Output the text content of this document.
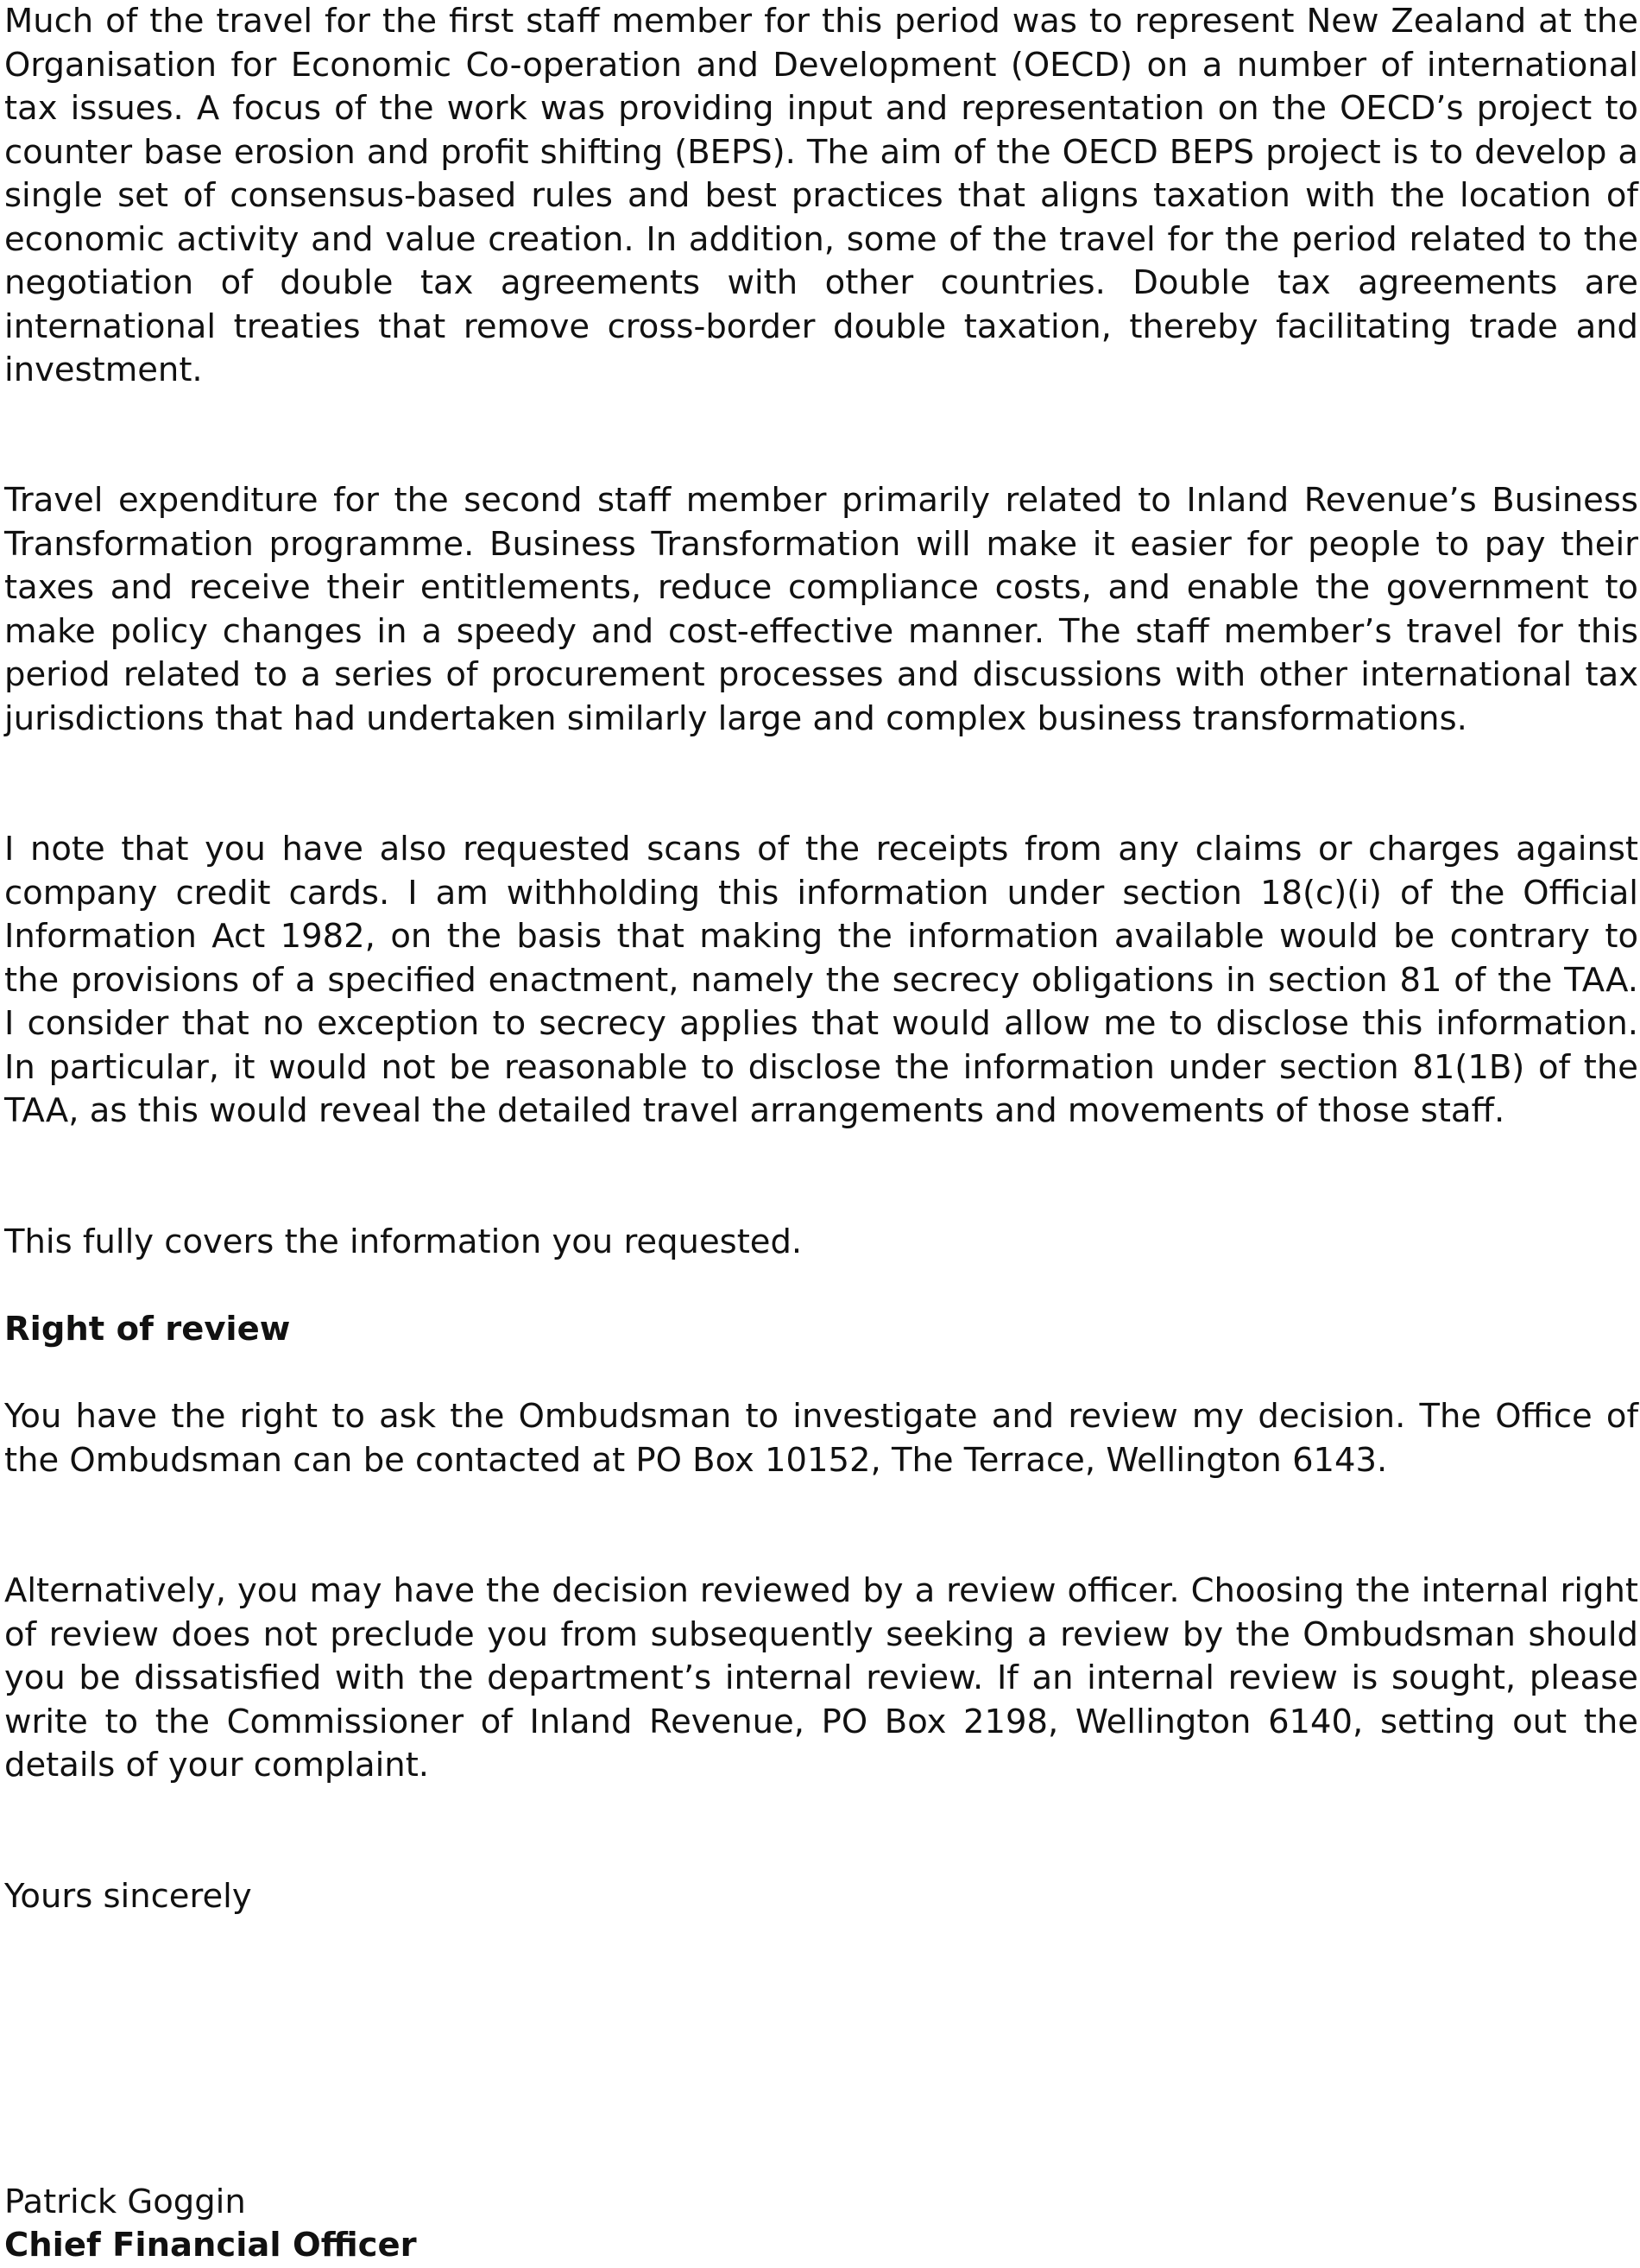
Much of the travel for the first staff member for this period was to represent New Zealand at the Organisation for Economic Co-operation and Development (OECD) on a number of international tax issues. A focus of the work was providing input and representation on the OECD’s project to counter base erosion and profit shifting (BEPS). The aim of the OECD BEPS project is to develop a single set of consensus-based rules and best practices that aligns taxation with the location of economic activity and value creation. In addition, some of the travel for the period related to the negotiation of double tax agreements with other countries. Double tax agreements are international treaties that remove cross-border double taxation, thereby facilitating trade and investment.

Travel expenditure for the second staff member primarily related to Inland Revenue’s Business Transformation programme. Business Transformation will make it easier for people to pay their taxes and receive their entitlements, reduce compliance costs, and enable the government to make policy changes in a speedy and cost-effective manner. The staff member’s travel for this period related to a series of procurement processes and discussions with other international tax jurisdictions that had undertaken similarly large and complex business transformations.

I note that you have also requested scans of the receipts from any claims or charges against company credit cards. I am withholding this information under section 18(c)(i) of the Official Information Act 1982, on the basis that making the information available would be contrary to the provisions of a specified enactment, namely the secrecy obligations in section 81 of the TAA. I consider that no exception to secrecy applies that would allow me to disclose this information. In particular, it would not be reasonable to disclose the information under section 81(1B) of the TAA, as this would reveal the detailed travel arrangements and movements of those staff.

This fully covers the information you requested.

Right of review

You have the right to ask the Ombudsman to investigate and review my decision. The Office of the Ombudsman can be contacted at PO Box 10152, The Terrace, Wellington 6143.

Alternatively, you may have the decision reviewed by a review officer. Choosing the internal right of review does not preclude you from subsequently seeking a review by the Ombudsman should you be dissatisfied with the department’s internal review. If an internal review is sought, please write to the Commissioner of Inland Revenue, PO Box 2198, Wellington 6140, setting out the details of your complaint.

Yours sincerely

Patrick Goggin

Chief Financial Officer
